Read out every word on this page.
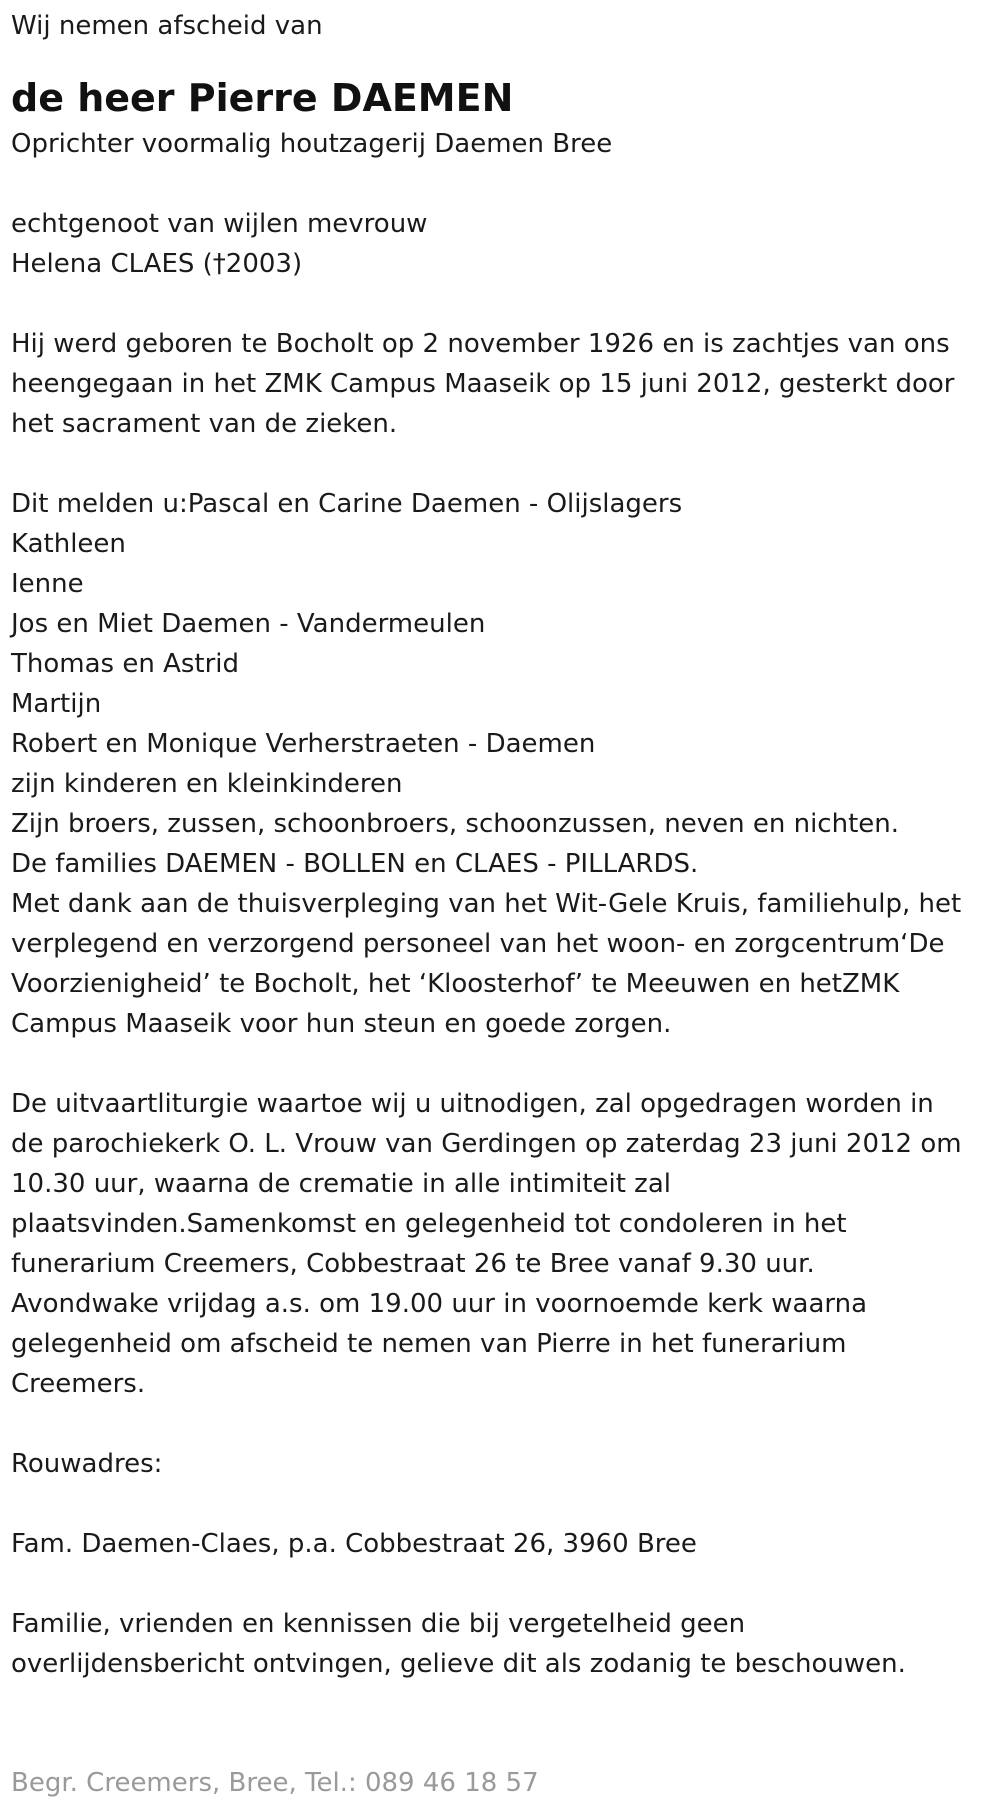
Wij nemen afscheid van

de heer Pierre DAEMEN

Oprichter voormalig houtzagerij Daemen Bree

echtgenoot van wijlen mevrouw

Helena CLAES (†2003)

Hij werd geboren te Bocholt op 2 november 1926 en is zachtjes van ons

heengegaan in het ZMK Campus Maaseik op 15 juni 2012, gesterkt door

het sacrament van de zieken.

Dit melden u:Pascal en Carine Daemen - Olijslagers

Kathleen

Ienne

Jos en Miet Daemen - Vandermeulen

Thomas en Astrid

Martijn

Robert en Monique Verherstraeten - Daemen

zijn kinderen en kleinkinderen

Zijn broers, zussen, schoonbroers, schoonzussen, neven en nichten.

De families DAEMEN - BOLLEN en CLAES - PILLARDS.

Met dank aan de thuisverpleging van het Wit-Gele Kruis, familiehulp, het

verplegend en verzorgend personeel van het woon- en zorgcentrum‘De

Voorzienigheid’ te Bocholt, het ‘Kloosterhof’ te Meeuwen en hetZMK

Campus Maaseik voor hun steun en goede zorgen.

De uitvaartliturgie waartoe wij u uitnodigen, zal opgedragen worden in

de parochiekerk O. L. Vrouw van Gerdingen op zaterdag 23 juni 2012 om

10.30 uur, waarna de crematie in alle intimiteit zal

plaatsvinden.Samenkomst en gelegenheid tot condoleren in het

funerarium Creemers, Cobbestraat 26 te Bree vanaf 9.30 uur.

Avondwake vrijdag a.s. om 19.00 uur in voornoemde kerk waarna

gelegenheid om afscheid te nemen van Pierre in het funerarium

Creemers.

Rouwadres:

Fam. Daemen-Claes, p.a. Cobbestraat 26, 3960 Bree

Familie, vrienden en kennissen die bij vergetelheid geen

overlijdensbericht ontvingen, gelieve dit als zodanig te beschouwen.

Begr. Creemers, Bree, Tel.: 089 46 18 57
